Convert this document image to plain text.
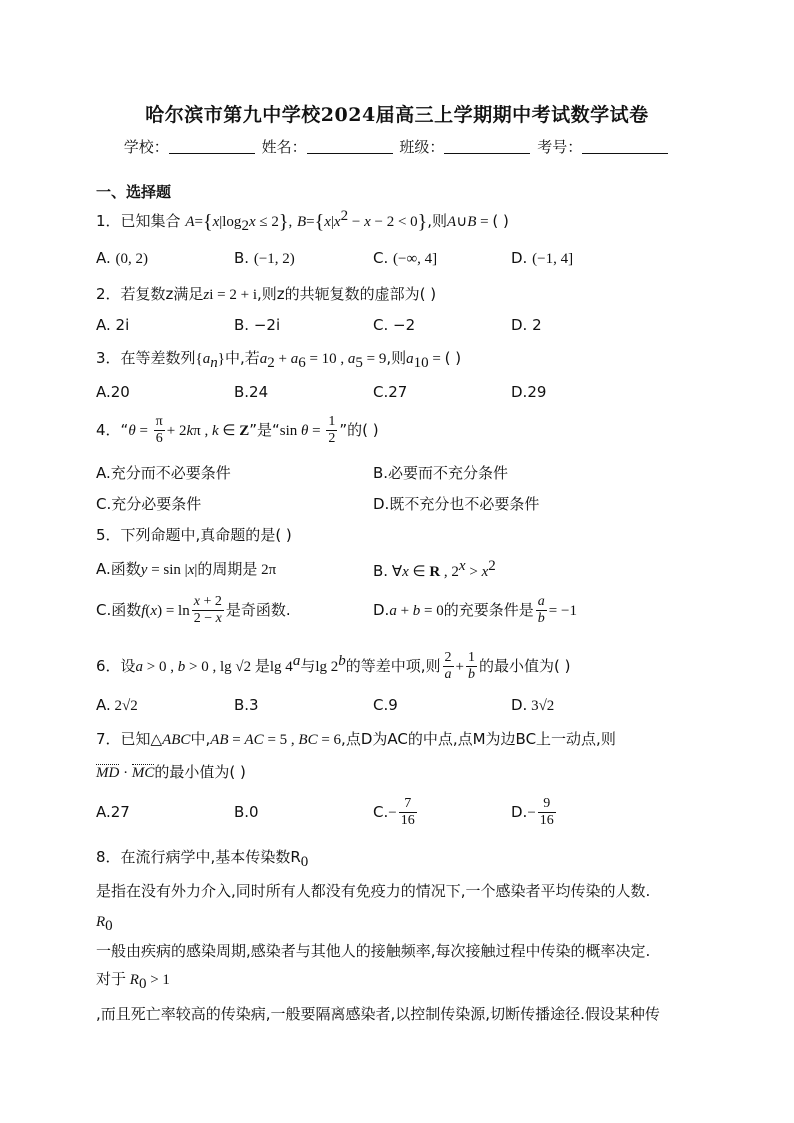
哈尔滨市第九中学校2024届高三上学期期中考试数学试卷
学校：	姓名：	班级：	考号：
一、选择题
1．已知集合 $A=\{x|\log_2x \le 2\}$, $B=\{x|x^2 - x - 2 < 0\}$,则A∪B = ( )
A. (0, 2)	B. (−1, 2)	C. (−∞, 4]	D. (−1, 4]
2．若复数z满足zi = 2 + i,则z的共轭复数的虚部为( )
A. 2i	B. −2i	C. −2	D. 2
3．在等差数列$\{a_n\}$中,若$a_2 + a_6 = 10$ , $a_5 = 9$,则$a_{10}$ = ( )
A.20	B.24	C.27	D.29
4．“$\theta = \frac{\pi}{6} + 2k\pi$ , k ∈ Z”是“sin $\theta = \frac{1}{2}$ ”的( )
A.充分而不必要条件	B.必要而不充分条件
C.充分必要条件	D.既不充分也不必要条件
5．下列命题中,真命题的是( )
A.函数y = sin |x|的周期是 2π	B. ∀x ∈ R , $2^x > x^2$
C.函数$f(x) = \ln \frac{x + 2}{2 - x}$ 是奇函数.	D.a + b = 0的充要条件是 $\frac{a}{b} = -1$
6．设a > 0 , b > 0 , lg √2 是lg 4$^a$与lg 2$^b$的等差中项,则 $\frac{2}{a} + \frac{1}{b}$ 的最小值为( )
A. 2√2	B.3	C.9	D. 3√2
7．已知△ABC中,AB = AC = 5 , BC = 6,点D为AC的中点,点M为边BC上一动点,则
MD · MC的最小值为( )
A.27	B.0	$C.- \frac{7}{16}$	$D.- \frac{9}{16}$
8．在流行病学中,基本传染数$R_0$
是指在没有外力介入,同时所有人都没有免疫力的情况下,一个感染者平均传染的人数.
$R_0$
一般由疾病的感染周期,感染者与其他人的接触频率,每次接触过程中传染的概率决定.
对于 $R_0 > 1$
,而且死亡率较高的传染病,一般要隔离感染者,以控制传染源,切断传播途径.假设某种传
